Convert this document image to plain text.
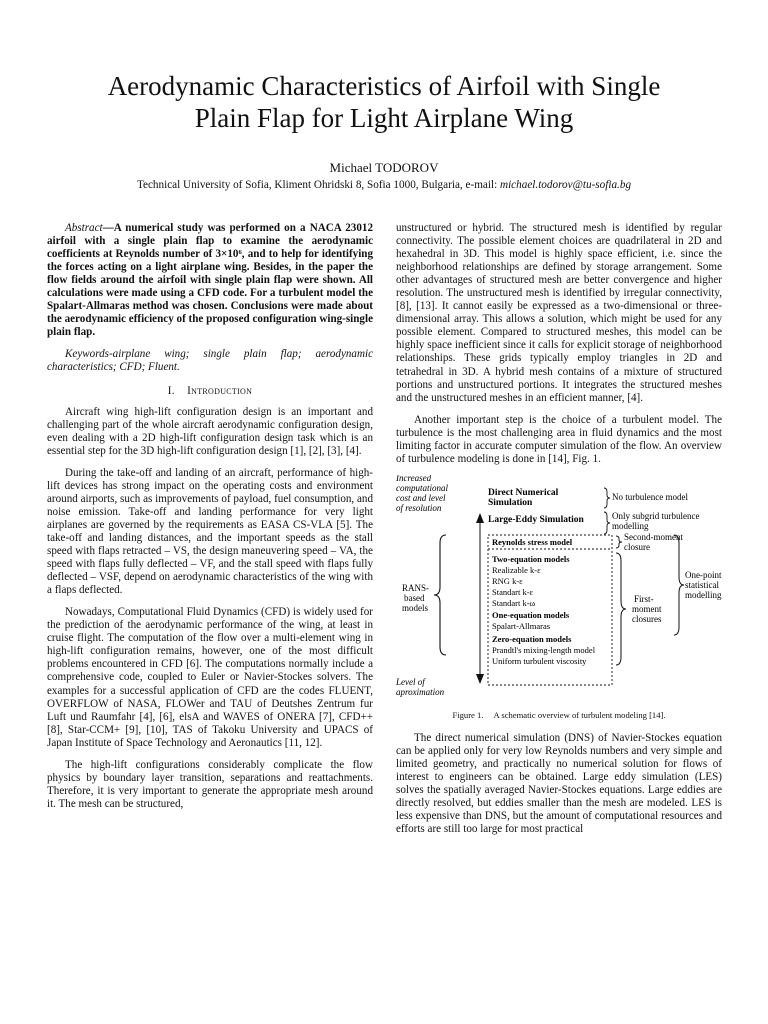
Aerodynamic Characteristics of Airfoil with Single
Plain Flap for Light Airplane Wing
Michael TODOROV
Technical University of Sofia, Kliment Ohridski 8, Sofia 1000, Bulgaria, e-mail: michael.todorov@tu-sofia.bg

Abstract—A numerical study was performed on a NACA 23012 airfoil with a single plain flap to examine the aerodynamic coefficients at Reynolds number of 3×10⁶, and to help for identifying the forces acting on a light airplane wing. Besides, in the paper the flow fields around the airfoil with single plain flap were shown. All calculations were made using a CFD code. For a turbulent model the Spalart-Allmaras method was chosen. Conclusions were made about the aerodynamic efficiency of the proposed configuration wing-single plain flap.

Keywords-airplane wing; single plain flap; aerodynamic characteristics; CFD; Fluent.

I. Introduction

Aircraft wing high-lift configuration design is an important and challenging part of the whole aircraft aerodynamic configuration design, even dealing with a 2D high-lift configuration design task which is an essential step for the 3D high-lift configuration design [1], [2], [3], [4].

During the take-off and landing of an aircraft, performance of high-lift devices has strong impact on the operating costs and environment around airports, such as improvements of payload, fuel consumption, and noise emission. Take-off and landing performance for very light airplanes are governed by the requirements as EASA CS-VLA [5]. The take-off and landing distances, and the important speeds as the stall speed with flaps retracted – VS, the design maneuvering speed – VA, the speed with flaps fully deflected – VF, and the stall speed with flaps fully deflected – VSF, depend on aerodynamic characteristics of the wing with a flaps deflected.

Nowadays, Computational Fluid Dynamics (CFD) is widely used for the prediction of the aerodynamic performance of the wing, at least in cruise flight. The computation of the flow over a multi-element wing in high-lift configuration remains, however, one of the most difficult problems encountered in CFD [6]. The computations normally include a comprehensive code, coupled to Euler or Navier-Stockes solvers. The examples for a successful application of CFD are the codes FLUENT, OVERFLOW of NASA, FLOWer and TAU of Deutshes Zentrum fur Luft und Raumfahr [4], [6], elsA and WAVES of ONERA [7], CFD++ [8], Star-CCM+ [9], [10], TAS of Takoku University and UPACS of Japan Institute of Space Technology and Aeronautics [11, 12].

The high-lift configurations considerably complicate the flow physics by boundary layer transition, separations and reattachments. Therefore, it is very important to generate the appropriate mesh around it. The mesh can be structured,

unstructured or hybrid. The structured mesh is identified by regular connectivity. The possible element choices are quadrilateral in 2D and hexahedral in 3D. This model is highly space efficient, i.e. since the neighborhood relationships are defined by storage arrangement. Some other advantages of structured mesh are better convergence and higher resolution. The unstructured mesh is identified by irregular connectivity, [8], [13]. It cannot easily be expressed as a two-dimensional or three-dimensional array. This allows a solution, which might be used for any possible element. Compared to structured meshes, this model can be highly space inefficient since it calls for explicit storage of neighborhood relationships. These grids typically employ triangles in 2D and tetrahedral in 3D. A hybrid mesh contains of a mixture of structured portions and unstructured portions. It integrates the structured meshes and the unstructured meshes in an efficient manner, [4].

Another important step is the choice of a turbulent model. The turbulence is the most challenging area in fluid dynamics and the most limiting factor in accurate computer simulation of the flow. An overview of turbulence modeling is done in [14], Fig. 1.

Increased
computational
cost and level
of resolution
Level of
aproximation
RANS-
based
models
Direct Numerical
Simulation
Large-Eddy Simulation
No turbulence model
Only subgrid turbulence
modelling
Reynolds stress model
Two-equation models
Realizable k-ε
RNG k-ε
Standart k-ε
Standart k-ω
One-equation models
Spalart-Allmaras
Zero-equation models
Prandtl's mixing-length model
Uniform turbulent viscosity
Second-moment
closure
First-
moment
closures
One-point
statistical
modelling
Figure 1. A schematic overview of turbulent modeling [14].

The direct numerical simulation (DNS) of Navier-Stockes equation can be applied only for very low Reynolds numbers and very simple and limited geometry, and practically no numerical solution for flows of interest to engineers can be obtained. Large eddy simulation (LES) solves the spatially averaged Navier-Stockes equations. Large eddies are directly resolved, but eddies smaller than the mesh are modeled. LES is less expensive than DNS, but the amount of computational resources and efforts are still too large for most practical
